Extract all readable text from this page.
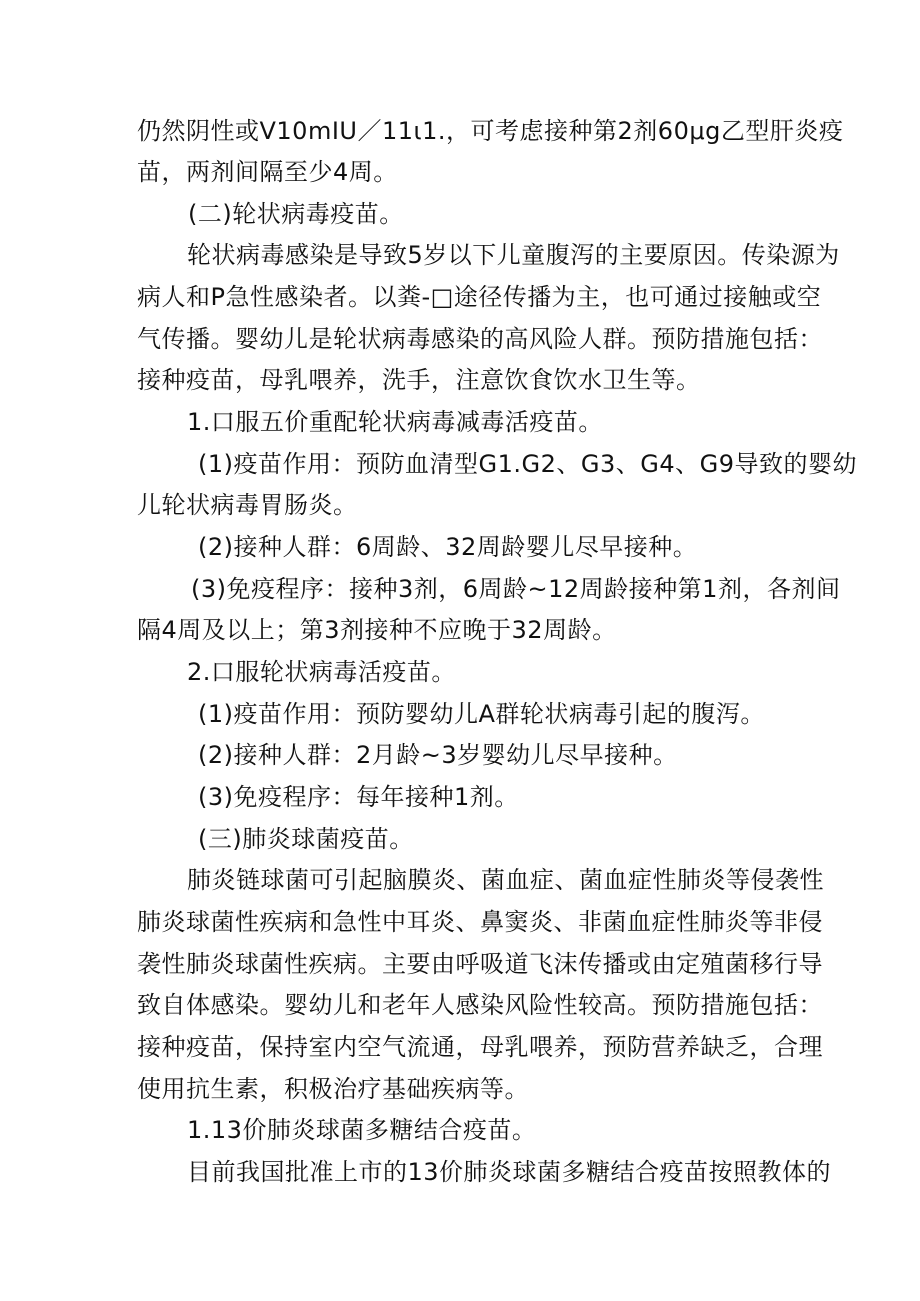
仍然阴性或V10mIU／11ι1.，可考虑接种第2剂60μg乙型肝炎疫
苗，两剂间隔至少4周。
(二)轮状病毒疫苗。
轮状病毒感染是导致5岁以下儿童腹泻的主要原因。传染源为
病人和P急性感染者。以粪-□途径传播为主，也可通过接触或空
气传播。婴幼儿是轮状病毒感染的高风险人群。预防措施包括：
接种疫苗，母乳喂养，洗手，注意饮食饮水卫生等。
1.口服五价重配轮状病毒减毒活疫苗。
(1)疫苗作用：预防血清型G1.G2、G3、G4、G9导致的婴幼
儿轮状病毒胃肠炎。
(2)接种人群：6周龄、32周龄婴儿尽早接种。
(3)免疫程序：接种3剂，6周龄~12周龄接种第1剂，各剂间
隔4周及以上；第3剂接种不应晚于32周龄。
2.口服轮状病毒活疫苗。
(1)疫苗作用：预防婴幼儿A群轮状病毒引起的腹泻。
(2)接种人群：2月龄~3岁婴幼儿尽早接种。
(3)免疫程序：每年接种1剂。
(三)肺炎球菌疫苗。
肺炎链球菌可引起脑膜炎、菌血症、菌血症性肺炎等侵袭性
肺炎球菌性疾病和急性中耳炎、鼻窦炎、非菌血症性肺炎等非侵
袭性肺炎球菌性疾病。主要由呼吸道飞沫传播或由定殖菌移行导
致自体感染。婴幼儿和老年人感染风险性较高。预防措施包括：
接种疫苗，保持室内空气流通，母乳喂养，预防营养缺乏，合理
使用抗生素，积极治疗基础疾病等。
1.13价肺炎球菌多糖结合疫苗。
目前我国批准上市的13价肺炎球菌多糖结合疫苗按照教体的
